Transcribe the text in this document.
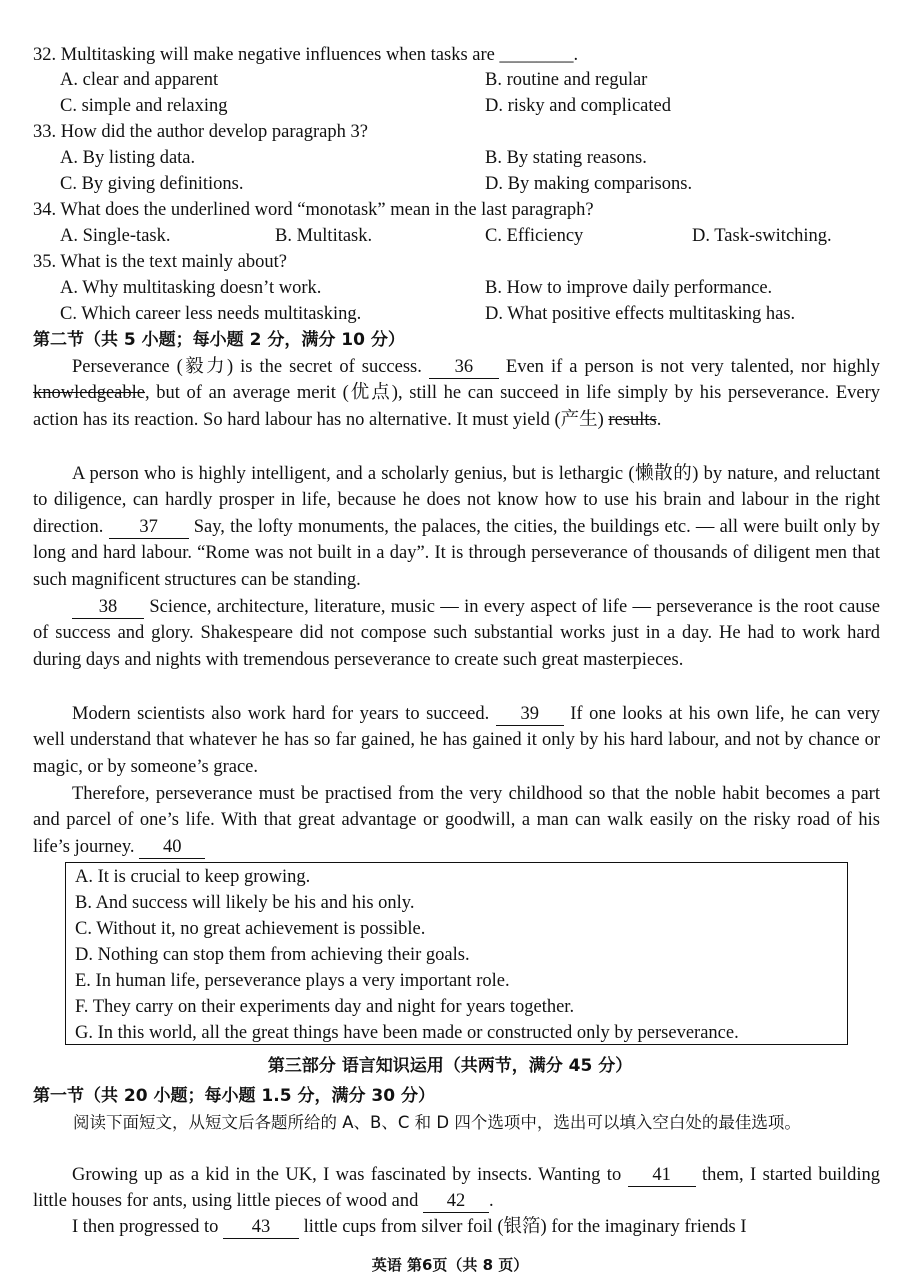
32. Multitasking will make negative influences when tasks are ________.
A. clear and apparent	B. routine and regular
C. simple and relaxing	D. risky and complicated
33. How did the author develop paragraph 3?
A. By listing data.	B. By stating reasons.
C. By giving definitions.	D. By making comparisons.
34. What does the underlined word “monotask” mean in the last paragraph?
A. Single-task.	B. Multitask.	C. Efficiency	D. Task-switching.
35. What is the text mainly about?
A. Why multitasking doesn’t work.	B. How to improve daily performance.
C. Which career less needs multitasking.	D. What positive effects multitasking has.
第二节（共 5 小题；每小题 2 分，满分 10 分）

Perseverance (毅力) is the secret of success. 36 Even if a person is not very talented, nor highly knowledgeable, but of an average merit (优点), still he can succeed in life simply by his perseverance. Every action has its reaction. So hard labour has no alternative. It must yield (产生) results.

A person who is highly intelligent, and a scholarly genius, but is lethargic (懒散的) by nature, and reluctant to diligence, can hardly prosper in life, because he does not know how to use his brain and labour in the right direction. 37 Say, the lofty monuments, the palaces, the cities, the buildings etc. — all were built only by long and hard labour. “Rome was not built in a day”. It is through perseverance of thousands of diligent men that such magnificent structures can be standing.

38 Science, architecture, literature, music — in every aspect of life — perseverance is the root cause of success and glory. Shakespeare did not compose such substantial works just in a day. He had to work hard during days and nights with tremendous perseverance to create such great masterpieces.

Modern scientists also work hard for years to succeed. 39 If one looks at his own life, he can very well understand that whatever he has so far gained, he has gained it only by his hard labour, and not by chance or magic, or by someone’s grace.

Therefore, perseverance must be practised from the very childhood so that the noble habit becomes a part and parcel of one’s life. With that great advantage or goodwill, a man can walk easily on the risky road of his life’s journey. 40

A. It is crucial to keep growing.
B. And success will likely be his and his only.
C. Without it, no great achievement is possible.
D. Nothing can stop them from achieving their goals.
E. In human life, perseverance plays a very important role.
F. They carry on their experiments day and night for years together.
G. In this world, all the great things have been made or constructed only by perseverance.
第三部分 语言知识运用（共两节，满分 45 分）
第一节（共 20 小题；每小题 1.5 分，满分 30 分）

阅读下面短文，从短文后各题所给的 A、B、C 和 D 四个选项中，选出可以填入空白处的最佳选项。

Growing up as a kid in the UK, I was fascinated by insects. Wanting to 41 them, I started building little houses for ants, using little pieces of wood and 42 .

I then progressed to 43 little cups from silver foil (银箔) for the imaginary friends I

英语 第6页（共 8 页）
